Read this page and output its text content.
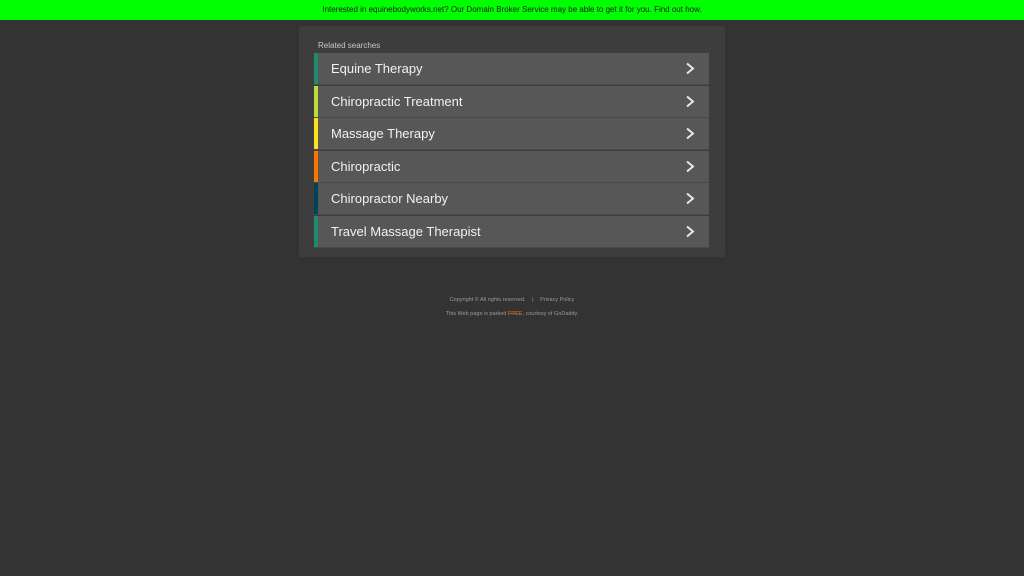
Interested in equinebodyworks.net? Our Domain Broker Service may be able to get it for you. Find out how.
Related searches
Equine Therapy
Chiropractic Treatment
Massage Therapy
Chiropractic
Chiropractor Nearby
Travel Massage Therapist
Copyright © All rights reserved. | Privacy Policy
This Web page is parked FREE, courtesy of GoDaddy.
